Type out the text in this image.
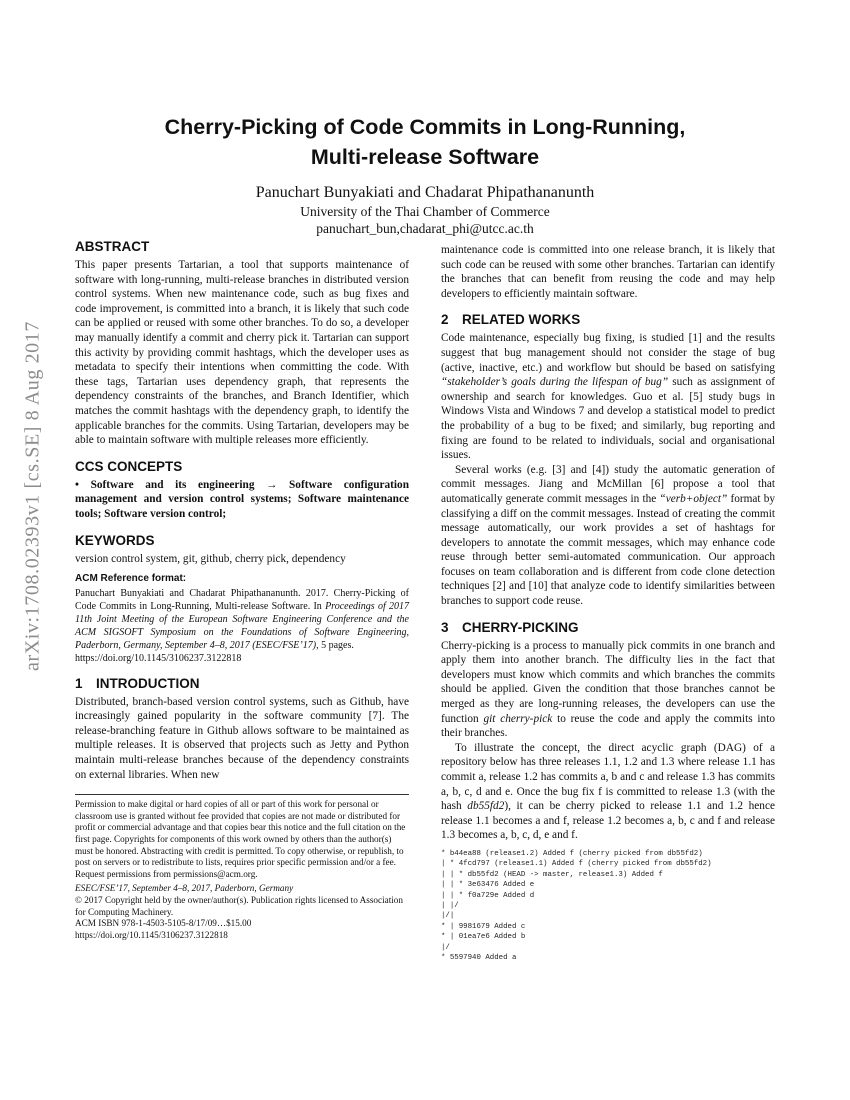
arXiv:1708.02393v1 [cs.SE] 8 Aug 2017
Cherry-Picking of Code Commits in Long-Running,
Multi-release Software
Panuchart Bunyakiati and Chadarat Phipathananunth
University of the Thai Chamber of Commerce
panuchart_bun,chadarat_phi@utcc.ac.th
ABSTRACT

This paper presents Tartarian, a tool that supports maintenance of software with long-running, multi-release branches in distributed version control systems. When new maintenance code, such as bug fixes and code improvement, is committed into a branch, it is likely that such code can be applied or reused with some other branches. To do so, a developer may manually identify a commit and cherry pick it. Tartarian can support this activity by providing commit hashtags, which the developer uses as metadata to specify their intentions when committing the code. With these tags, Tartarian uses dependency graph, that represents the dependency constraints of the branches, and Branch Identifier, which matches the commit hashtags with the dependency graph, to identify the applicable branches for the commits. Using Tartarian, developers may be able to maintain software with multiple releases more efficiently.

CCS CONCEPTS

• Software and its engineering → Software configuration management and version control systems; Software maintenance tools; Software version control;

KEYWORDS

version control system, git, github, cherry pick, dependency

ACM Reference format:

Panuchart Bunyakiati and Chadarat Phipathananunth. 2017. Cherry-Picking of Code Commits in Long-Running, Multi-release Software. In Proceedings of 2017 11th Joint Meeting of the European Software Engineering Conference and the ACM SIGSOFT Symposium on the Foundations of Software Engineering, Paderborn, Germany, September 4–8, 2017 (ESEC/FSE’17), 5 pages.
https://doi.org/10.1145/3106237.3122818

1 INTRODUCTION

Distributed, branch-based version control systems, such as Github, have increasingly gained popularity in the software community [7]. The release-branching feature in Github allows software to be maintained as multiple releases. It is observed that projects such as Jetty and Python maintain multi-release branches because of the dependency constraints on external libraries. When new

Permission to make digital or hard copies of all or part of this work for personal or classroom use is granted without fee provided that copies are not made or distributed for profit or commercial advantage and that copies bear this notice and the full citation on the first page. Copyrights for components of this work owned by others than the author(s) must be honored. Abstracting with credit is permitted. To copy otherwise, or republish, to post on servers or to redistribute to lists, requires prior specific permission and/or a fee. Request permissions from permissions@acm.org.

ESEC/FSE’17, September 4–8, 2017, Paderborn, Germany

© 2017 Copyright held by the owner/author(s). Publication rights licensed to Association for Computing Machinery.

ACM ISBN 978-1-4503-5105-8/17/09…$15.00

https://doi.org/10.1145/3106237.3122818

maintenance code is committed into one release branch, it is likely that such code can be reused with some other branches. Tartarian can identify the branches that can benefit from reusing the code and may help developers to efficiently maintain software.

2 RELATED WORKS

Code maintenance, especially bug fixing, is studied [1] and the results suggest that bug management should not consider the stage of bug (active, inactive, etc.) and workflow but should be based on satisfying “stakeholder’s goals during the lifespan of bug” such as assignment of ownership and search for knowledges. Guo et al. [5] study bugs in Windows Vista and Windows 7 and develop a statistical model to predict the probability of a bug to be fixed; and similarly, bug reporting and fixing are found to be related to individuals, social and organisational issues.

Several works (e.g. [3] and [4]) study the automatic generation of commit messages. Jiang and McMillan [6] propose a tool that automatically generate commit messages in the “verb+object” format by classifying a diff on the commit messages. Instead of creating the commit message automatically, our work provides a set of hashtags for developers to annotate the commit messages, which may enhance code reuse through better semi-automated communication. Our approach focuses on team collaboration and is different from code clone detection techniques [2] and [10] that analyze code to identify similarities between branches to support code reuse.

3 CHERRY-PICKING

Cherry-picking is a process to manually pick commits in one branch and apply them into another branch. The difficulty lies in the fact that developers must know which commits and which branches the commits should be applied. Given the condition that those branches cannot be merged as they are long-running releases, the developers can use the function git cherry-pick to reuse the code and apply the commits into their branches.

To illustrate the concept, the direct acyclic graph (DAG) of a repository below has three releases 1.1, 1.2 and 1.3 where release 1.1 has commit a, release 1.2 has commits a, b and c and release 1.3 has commits a, b, c, d and e. Once the bug fix f is committed to release 1.3 (with the hash db55fd2), it can be cherry picked to release 1.1 and 1.2 hence release 1.1 becomes a and f, release 1.2 becomes a, b, c and f and release 1.3 becomes a, b, c, d, e and f.

* b44ea88 (release1.2) Added f (cherry picked from db55fd2)
| * 4fcd797 (release1.1) Added f (cherry picked from db55fd2)
| | * db55fd2 (HEAD -> master, release1.3) Added f
| | * 3e63476 Added e
| | * f0a729e Added d
| |/
|/|
* | 9981679 Added c
* | 01ea7e6 Added b
|/
* 5597940 Added a
